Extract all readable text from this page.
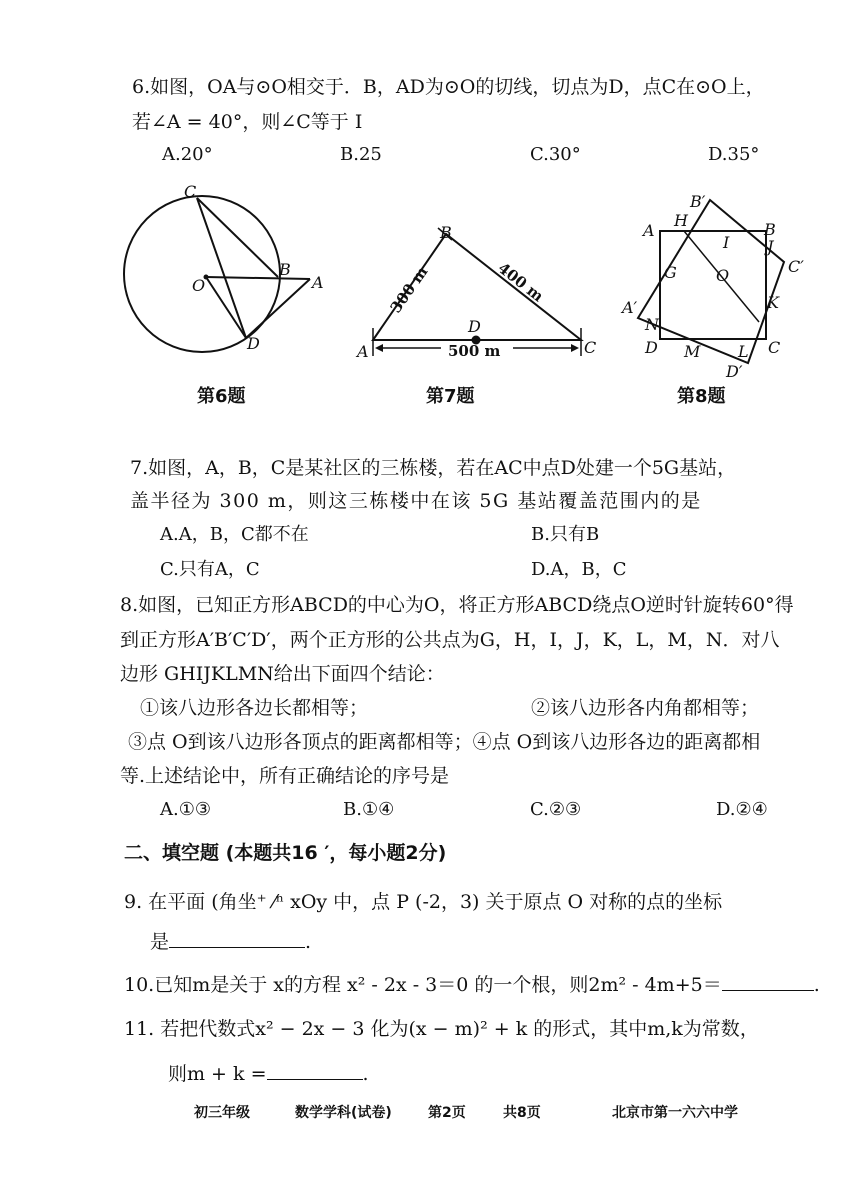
6.如图，OA与⊙O相交于．B，AD为⊙O的切线，切点为D，点C在⊙O上，
若∠A = 40°，则∠C等于 I
A.20°	B.25	C.30°	D.35°
C
O
B
A
D
第6题
A
B
C
D
500 m
300 m	400 m
第7题
A
H
B′
B
J
I
G O	C′
A′	K
N
D M L C
D′
第8题
7.如图，A，B，C是某社区的三栋楼，若在AC中点D处建一个5G基站，
盖半径为 300 m，则这三栋楼中在该 5G 基站覆盖范围内的是
A.A，B，C都不在	B.只有B
C.只有A，C	D.A，B，C
8.如图，已知正方形ABCD的中心为O，将正方形ABCD绕点O逆时针旋转60°得
到正方形A′B′C′D′，两个正方形的公共点为G，H，I，J，K，L，M，N．对八
边形 GHIJKLMN给出下面四个结论：
①该八边形各边长都相等；	②该八边形各内角都相等；
③点 O到该八边形各顶点的距离都相等；④点 O到该八边形各边的距离都相
等.上述结论中，所有正确结论的序号是
A.①③	B.①④	C.②③	D.②④
二、填空题 (本题共16 ′，每小题2分)
9. 在平面 (角坐⁺ ⁄ⁿ xOy 中，点 P (-2，3) 关于原点 O 对称的点的坐标
是	.
10.已知m是关于 x的方程 x² - 2x - 3＝0 的一个根，则2m² - 4m+5＝	.
11. 若把代数式x² − 2x − 3 化为(x − m)² + k 的形式，其中m,k为常数，
则m + k =	.
初三年级	数学学科(试卷)	第2页	共8页	北京市第一六六中学
